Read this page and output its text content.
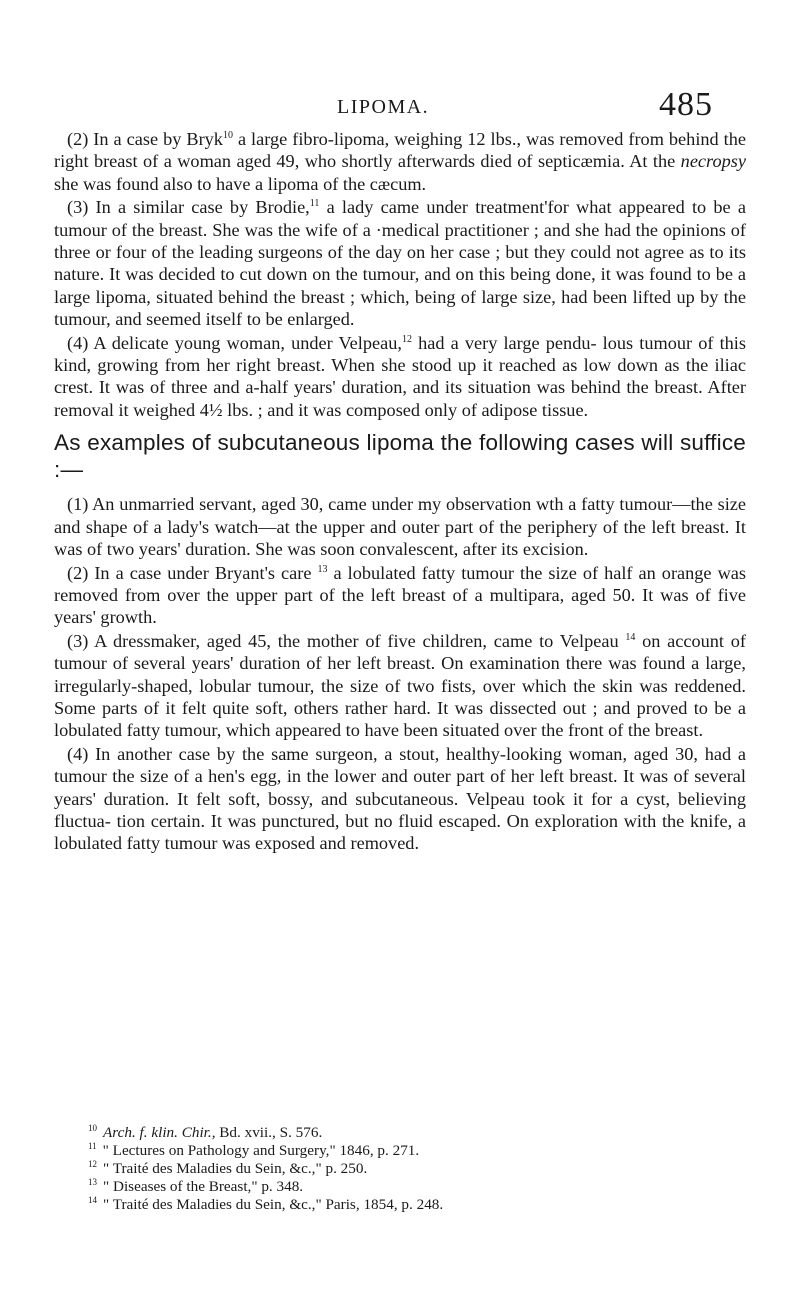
LIPOMA.	485

(2) In a case by Bryk$^{10}$ a large fibro-lipoma, weighing 12 lbs., was removed from behind the right breast of a woman aged 49, who shortly afterwards died of septicæmia. At the necropsy she was found also to have a lipoma of the cæcum.

(3) In a similar case by Brodie,$^{11}$ a lady came under treatment'for what appeared to be a tumour of the breast. She was the wife of a ·medical practitioner ; and she had the opinions of three or four of the leading surgeons of the day on her case ; but they could not agree as to its nature. It was decided to cut down on the tumour, and on this being done, it was found to be a large lipoma, situated behind the breast ; which, being of large size, had been lifted up by the tumour, and seemed itself to be enlarged.

(4) A delicate young woman, under Velpeau,$^{12}$ had a very large pendu- lous tumour of this kind, growing from her right breast. When she stood up it reached as low down as the iliac crest. It was of three and a-half years' duration, and its situation was behind the breast. After removal it weighed 4½ lbs. ; and it was composed only of adipose tissue.

As examples of subcutaneous lipoma the following cases will suffice :—

(1) An unmarried servant, aged 30, came under my observation wth a fatty tumour—the size and shape of a lady's watch—at the upper and outer part of the periphery of the left breast. It was of two years' duration. She was soon convalescent, after its excision.

(2) In a case under Bryant's care $^{13}$ a lobulated fatty tumour the size of half an orange was removed from over the upper part of the left breast of a multipara, aged 50. It was of five years' growth.

(3) A dressmaker, aged 45, the mother of five children, came to Velpeau $^{14}$ on account of tumour of several years' duration of her left breast. On examination there was found a large, irregularly-shaped, lobular tumour, the size of two fists, over which the skin was reddened. Some parts of it felt quite soft, others rather hard. It was dissected out ; and proved to be a lobulated fatty tumour, which appeared to have been situated over the front of the breast.

(4) In another case by the same surgeon, a stout, healthy-looking woman, aged 30, had a tumour the size of a hen's egg, in the lower and outer part of her left breast. It was of several years' duration. It felt soft, bossy, and subcutaneous. Velpeau took it for a cyst, believing fluctua- tion certain. It was punctured, but no fluid escaped. On exploration with the knife, a lobulated fatty tumour was exposed and removed.

$^{10}$ Arch. f. klin. Chir., Bd. xvii., S. 576.
$^{11}$ " Lectures on Pathology and Surgery," 1846, p. 271.
$^{12}$ " Traité des Maladies du Sein, &c.," p. 250.
$^{13}$ " Diseases of the Breast," p. 348.
$^{14}$ " Traité des Maladies du Sein, &c.," Paris, 1854, p. 248.
